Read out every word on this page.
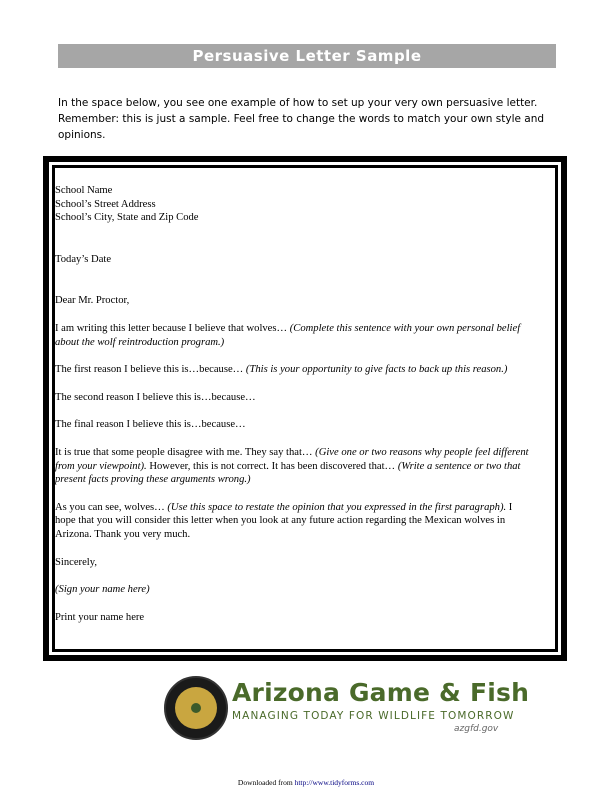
Persuasive Letter Sample
In the space below, you see one example of how to set up your very own persuasive letter. Remember: this is just a sample. Feel free to change the words to match your own style and opinions.

School Name

School’s Street Address

School’s City, State and Zip Code

Today’s Date

Dear Mr. Proctor,

I am writing this letter because I believe that wolves… (Complete this sentence with your own personal belief about the wolf reintroduction program.)

The first reason I believe this is…because… (This is your opportunity to give facts to back up this reason.)

The second reason I believe this is…because…

The final reason I believe this is…because…

It is true that some people disagree with me. They say that… (Give one or two reasons why people feel different from your viewpoint). However, this is not correct. It has been discovered that… (Write a sentence or two that present facts proving these arguments wrong.)

As you can see, wolves… (Use this space to restate the opinion that you expressed in the first paragraph). I hope that you will consider this letter when you look at any future action regarding the Mexican wolves in Arizona. Thank you very much.

Sincerely,

(Sign your name here)

Print your name here

Arizona Game & Fish
MANAGING TODAY FOR WILDLIFE TOMORROW
azgfd.gov
Downloaded from http://www.tidyforms.com
